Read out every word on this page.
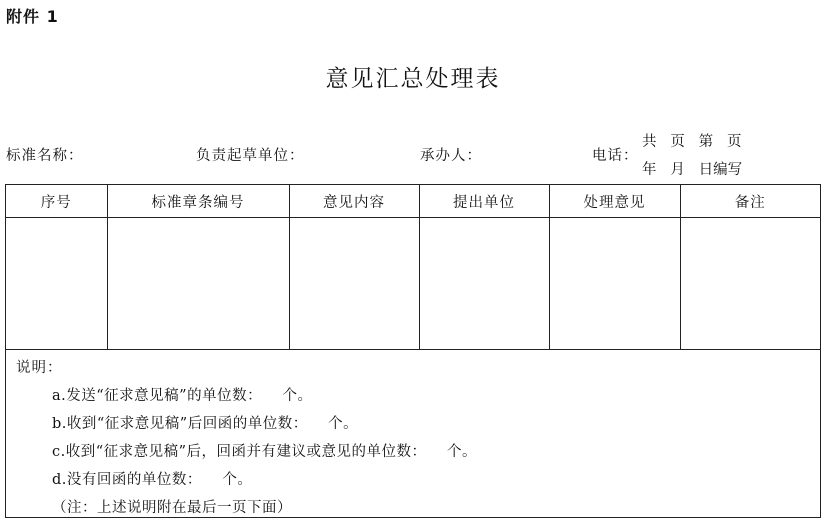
附件 1
意见汇总处理表
标准名称：	负责起草单位：	承办人：	电话：
共   页   第   页
年   月   日编写
序号	标准章条编号	意见内容	提出单位	处理意见	备注

说明：
a.发送“征求意见稿”的单位数：    个。
b.收到“征求意见稿”后回函的单位数：    个。
c.收到“征求意见稿”后，回函并有建议或意见的单位数：    个。
d.没有回函的单位数：    个。
（注：上述说明附在最后一页下面）
